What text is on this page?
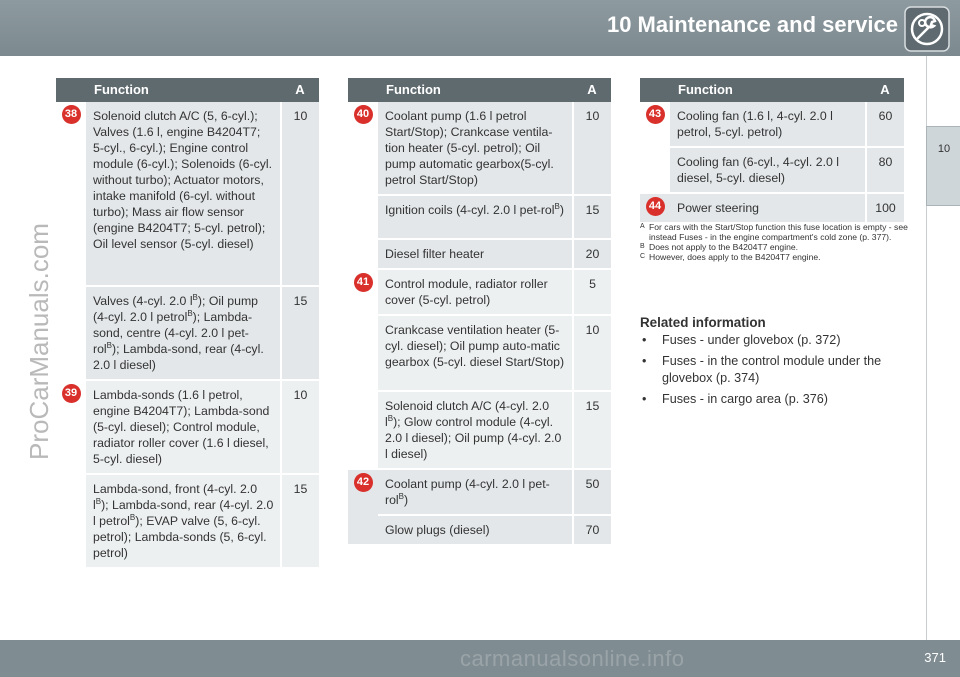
10 Maintenance and service
10
ProCarManuals.com
	Function	A
38	Solenoid clutch A/C (5, 6-cyl.); Valves (1.6 l, engine B4204T7; 5-cyl., 6-cyl.); Engine control module (6-cyl.); Solenoids (6-cyl. without turbo); Actuator motors, intake manifold (6-cyl. without turbo); Mass air flow sensor (engine B4204T7; 5-cyl. petrol); Oil level sensor (5-cyl. diesel)	10
	Valves (4-cyl. 2.0 $l^B$); Oil pump (4-cyl. 2.0 l petrol$^B$); Lambda-sond, centre (4-cyl. 2.0 l pet-rol$^B$); Lambda-sond, rear (4-cyl. 2.0 l diesel)	15
39	Lambda-sonds (1.6 l petrol, engine B4204T7); Lambda-sond (5-cyl. diesel); Control module, radiator roller cover (1.6 l diesel, 5-cyl. diesel)	10
	Lambda-sond, front (4-cyl. 2.0 $l^B$); Lambda-sond, rear (4-cyl. 2.0 l petrol$^B$); EVAP valve (5, 6-cyl. petrol); Lambda-sonds (5, 6-cyl. petrol)	15
	Function	A
40	Coolant pump (1.6 l petrol Start/Stop); Crankcase ventila-tion heater (5-cyl. petrol); Oil pump automatic gearbox(5-cyl. petrol Start/Stop)	10
	Ignition coils (4-cyl. 2.0 l pet-rol$^B$)	15
	Diesel filter heater	20
41	Control module, radiator roller cover (5-cyl. petrol)	5
	Crankcase ventilation heater (5-cyl. diesel); Oil pump auto-matic gearbox (5-cyl. diesel Start/Stop)	10
	Solenoid clutch A/C (4-cyl. 2.0 $l^B$); Glow control module (4-cyl. 2.0 l diesel); Oil pump (4-cyl. 2.0 l diesel)	15
42	Coolant pump (4-cyl. 2.0 l pet-rol$^B$)	50
	Glow plugs (diesel)	70
	Function	A
43	Cooling fan (1.6 l, 4-cyl. 2.0 l petrol, 5-cyl. petrol)	60
	Cooling fan (6-cyl., 4-cyl. 2.0 l diesel, 5-cyl. diesel)	80
44	Power steering	100
A For cars with the Start/Stop function this fuse location is empty - see instead Fuses - in the engine compartment's cold zone (p. 377).
B Does not apply to the B4204T7 engine.
C However, does apply to the B4204T7 engine.
Related information
•	Fuses - under glovebox (p. 372)
•	Fuses - in the control module under the glovebox (p. 374)
•	Fuses - in cargo area (p. 376)
carmanualsonline.info	371
